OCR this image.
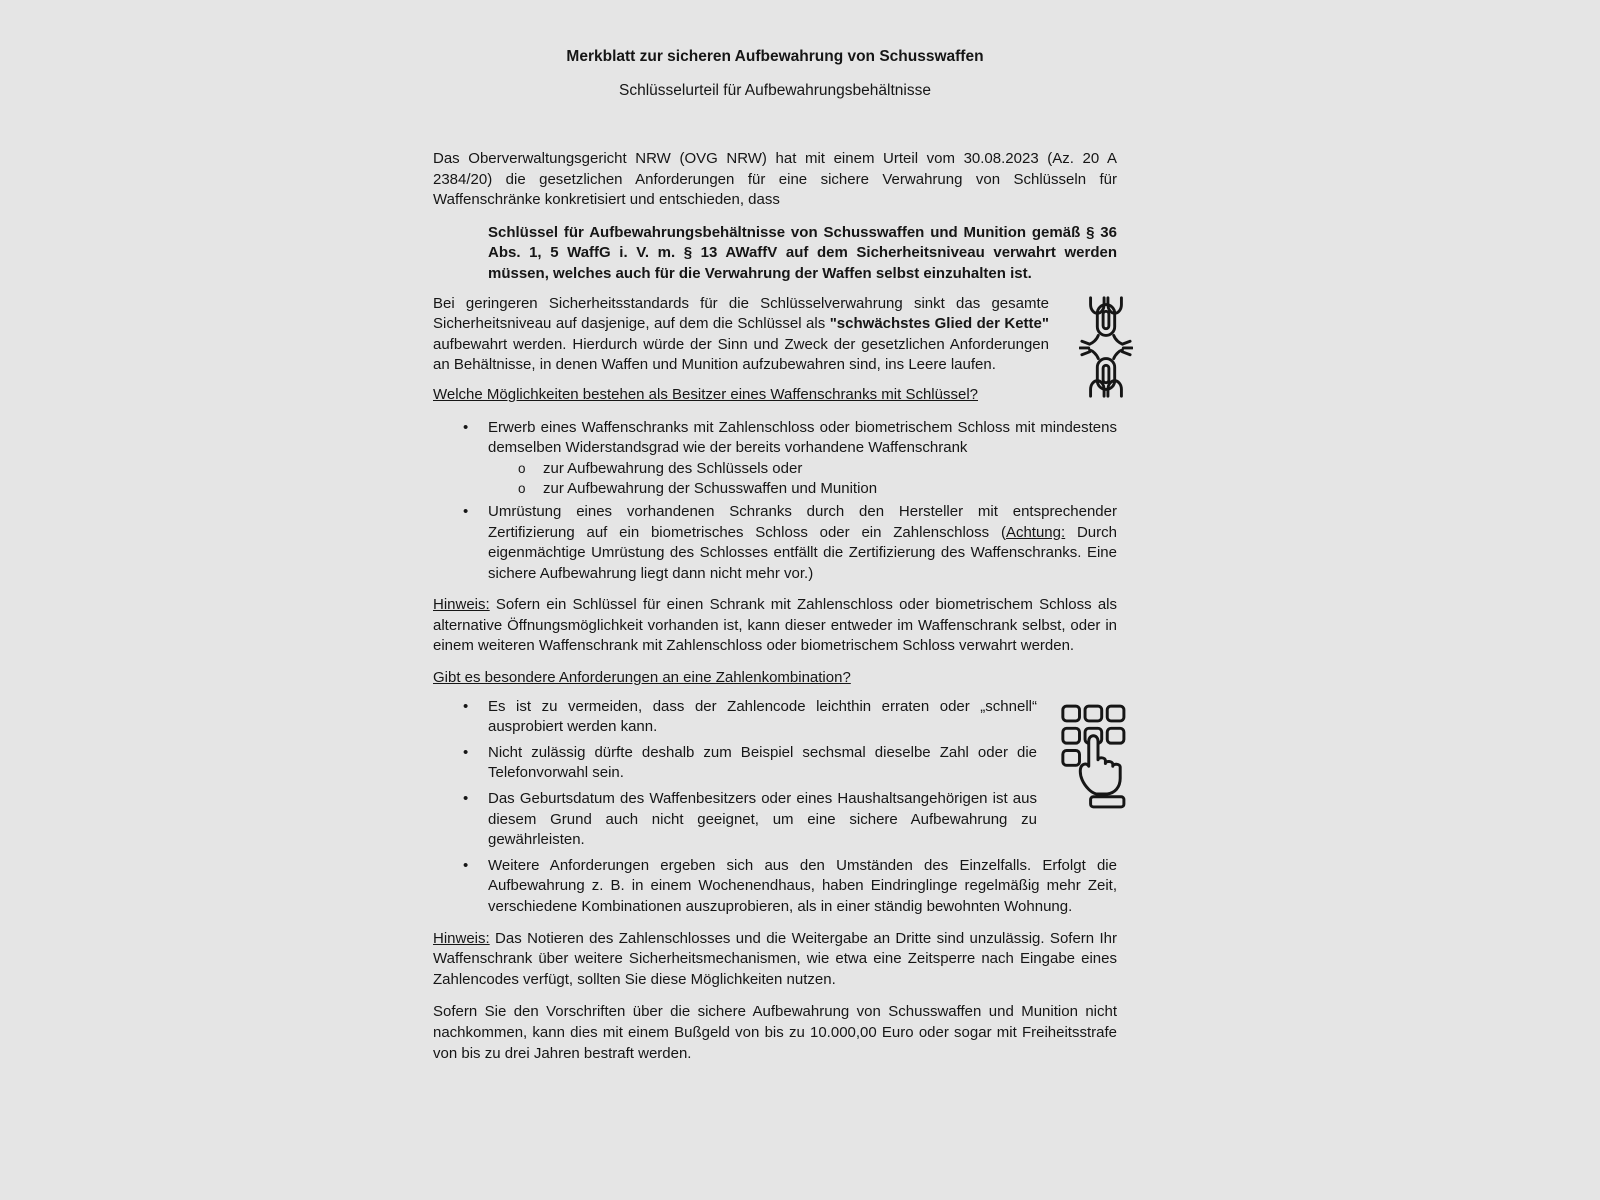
Merkblatt zur sicheren Aufbewahrung von Schusswaffen
Schlüsselurteil für Aufbewahrungsbehältnisse

Das Oberverwaltungsgericht NRW (OVG NRW) hat mit einem Urteil vom 30.08.2023 (Az. 20 A 2384/20) die gesetzlichen Anforderungen für eine sichere Verwahrung von Schlüsseln für Waffenschränke konkretisiert und entschieden, dass

Schlüssel für Aufbewahrungsbehältnisse von Schusswaffen und Munition gemäß § 36 Abs. 1, 5 WaffG i. V. m. § 13 AWaffV auf dem Sicherheitsniveau verwahrt werden müssen, welches auch für die Verwahrung der Waffen selbst einzuhalten ist.

Bei geringeren Sicherheitsstandards für die Schlüsselverwahrung sinkt das gesamte Sicherheitsniveau auf dasjenige, auf dem die Schlüssel als "schwächstes Glied der Kette" aufbewahrt werden. Hierdurch würde der Sinn und Zweck der gesetzlichen Anforderungen an Behältnisse, in denen Waffen und Munition aufzubewahren sind, ins Leere laufen.
Welche Möglichkeiten bestehen als Besitzer eines Waffenschranks mit Schlüssel?
• Erwerb eines Waffenschranks mit Zahlenschloss oder biometrischem Schloss mit mindestens demselben Widerstandsgrad wie der bereits vorhandene Waffenschrank
o zur Aufbewahrung des Schlüssels oder
o zur Aufbewahrung der Schusswaffen und Munition
• Umrüstung eines vorhandenen Schranks durch den Hersteller mit entsprechender Zertifizierung auf ein biometrisches Schloss oder ein Zahlenschloss (Achtung: Durch eigenmächtige Umrüstung des Schlosses entfällt die Zertifizierung des Waffenschranks. Eine sichere Aufbewahrung liegt dann nicht mehr vor.)

Hinweis: Sofern ein Schlüssel für einen Schrank mit Zahlenschloss oder biometrischem Schloss als alternative Öffnungsmöglichkeit vorhanden ist, kann dieser entweder im Waffenschrank selbst, oder in einem weiteren Waffenschrank mit Zahlenschloss oder biometrischem Schloss verwahrt werden.

Gibt es besondere Anforderungen an eine Zahlenkombination?
• Es ist zu vermeiden, dass der Zahlencode leichthin erraten oder „schnell“ ausprobiert werden kann.
• Nicht zulässig dürfte deshalb zum Beispiel sechsmal dieselbe Zahl oder die Telefonvorwahl sein.
• Das Geburtsdatum des Waffenbesitzers oder eines Haushaltsangehörigen ist aus diesem Grund auch nicht geeignet, um eine sichere Aufbewahrung zu gewährleisten.
• Weitere Anforderungen ergeben sich aus den Umständen des Einzelfalls. Erfolgt die Aufbewahrung z. B. in einem Wochenendhaus, haben Eindringlinge regelmäßig mehr Zeit, verschiedene Kombinationen auszuprobieren, als in einer ständig bewohnten Wohnung.

Hinweis: Das Notieren des Zahlenschlosses und die Weitergabe an Dritte sind unzulässig. Sofern Ihr Waffenschrank über weitere Sicherheitsmechanismen, wie etwa eine Zeitsperre nach Eingabe eines Zahlencodes verfügt, sollten Sie diese Möglichkeiten nutzen.

Sofern Sie den Vorschriften über die sichere Aufbewahrung von Schusswaffen und Munition nicht nachkommen, kann dies mit einem Bußgeld von bis zu 10.000,00 Euro oder sogar mit Freiheitsstrafe von bis zu drei Jahren bestraft werden.
